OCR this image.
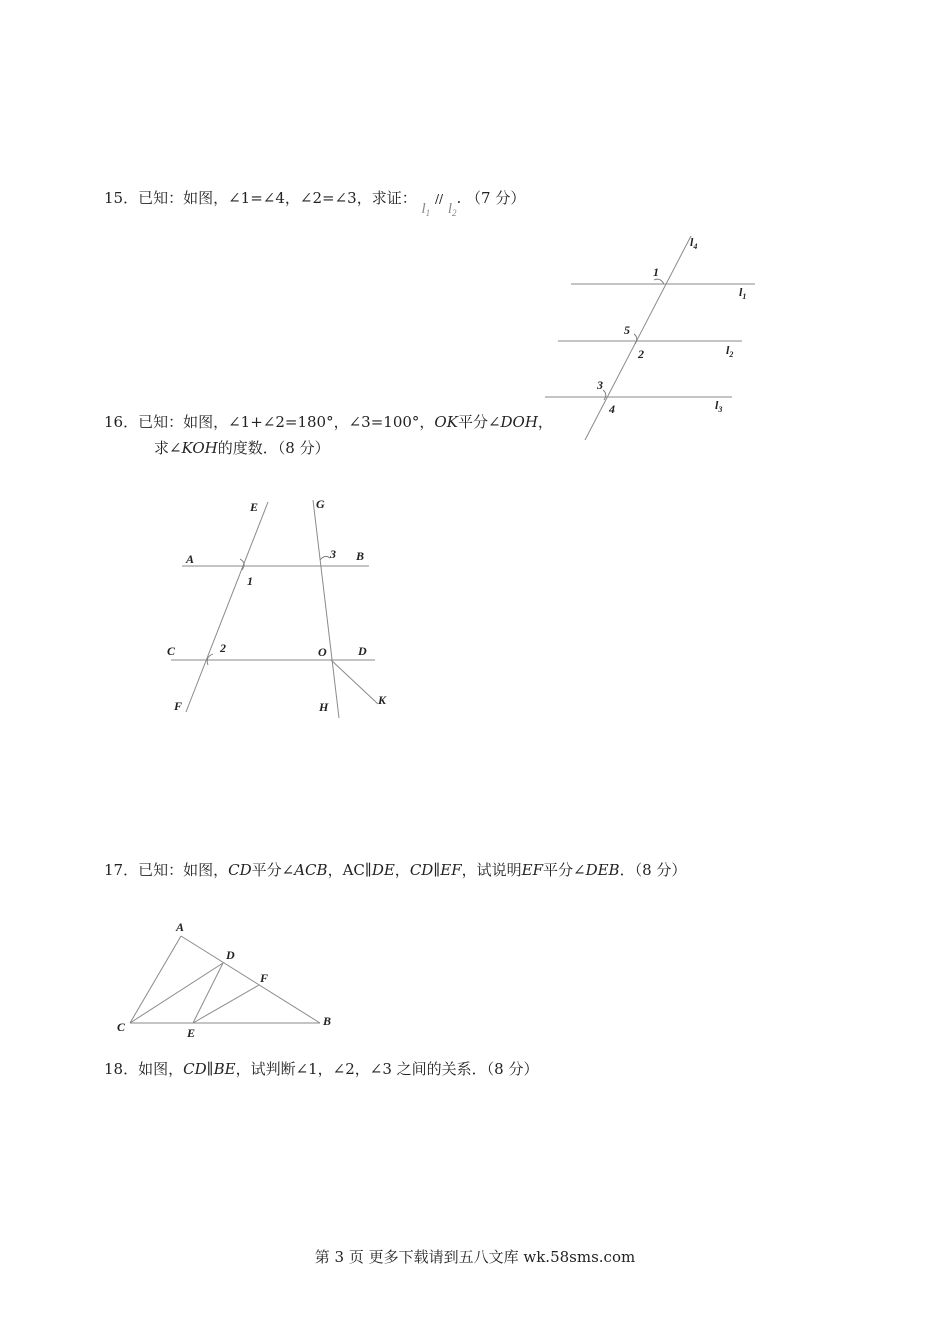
15．已知：如图，∠1=∠4，∠2=∠3，求证： $l_1 // l_2$. （7 分）
$l_4$
$l_1$
$l_2$
$l_3$
1
5
2
3
4
16．已知：如图，∠1+∠2=180°，∠3=100°，OK平分∠DOH，
求∠KOH的度数．（8 分）
E	G
A	B
3
1
C	2	O	D
F	H	K
17．已知：如图，CD平分∠ACB，AC∥DE，CD∥EF，试说明EF平分∠DEB．（8 分）
A
D
F
C	E
B
18．如图，CD∥BE，试判断∠1，∠2，∠3 之间的关系．（8 分）
第 3 页 更多下载请到五八文库 wk.58sms.com
